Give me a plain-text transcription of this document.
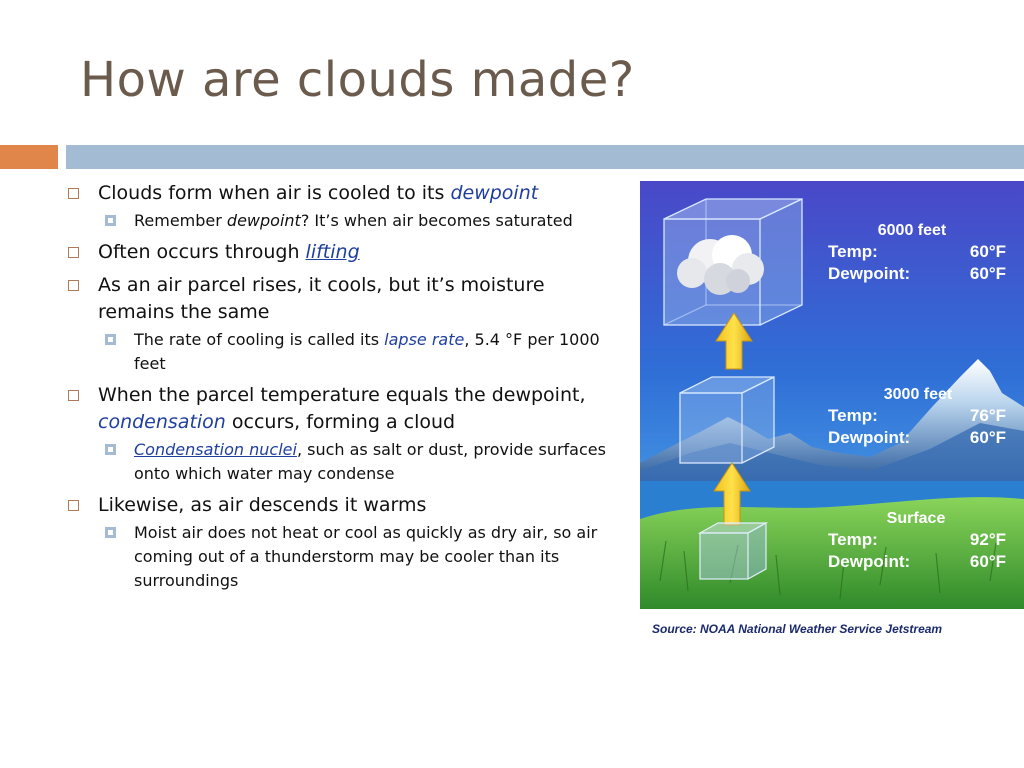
How are clouds made?
Clouds form when air is cooled to its dewpoint
Remember dewpoint? It’s when air becomes saturated
Often occurs through lifting
As an air parcel rises, it cools, but it’s moisture remains the same
The rate of cooling is called its lapse rate, 5.4 °F per 1000 feet
When the parcel temperature equals the dewpoint, condensation occurs, forming a cloud
Condensation nuclei, such as salt or dust, provide surfaces onto which water may condense
Likewise, as air descends it warms
Moist air does not heat or cool as quickly as dry air, so air coming out of a thunderstorm may be cooler than its surroundings
6000 feet
Temp:	60°F
Dewpoint:	60°F
3000 feet
Temp:	76°F
Dewpoint:	60°F
Surface
Temp:	92°F
Dewpoint:	60°F
Source: NOAA National Weather Service Jetstream
